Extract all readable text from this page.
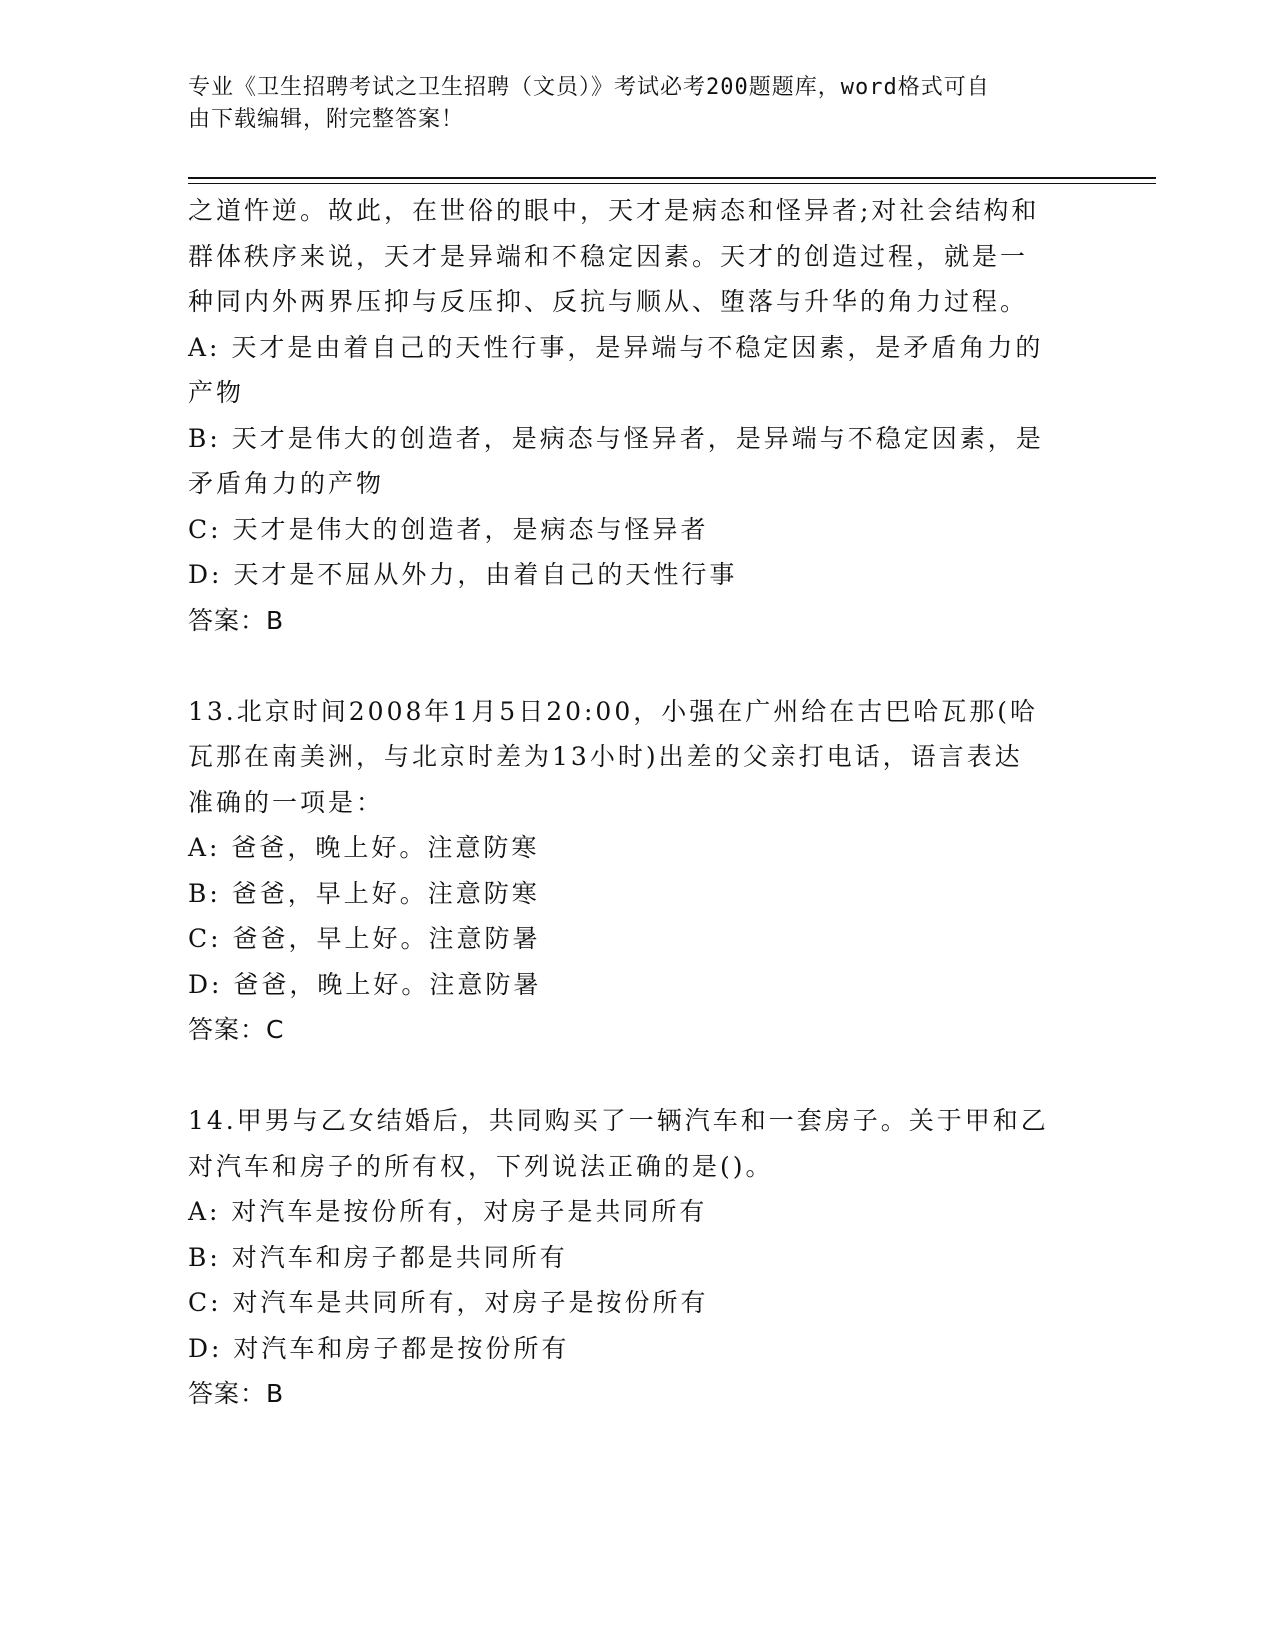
专业《卫生招聘考试之卫生招聘（文员）》考试必考200题题库，word格式可自
由下载编辑，附完整答案！
之道忤逆。故此，在世俗的眼中，天才是病态和怪异者;对社会结构和
群体秩序来说，天才是异端和不稳定因素。天才的创造过程，就是一
种同内外两界压抑与反压抑、反抗与顺从、堕落与升华的角力过程。
A: 天才是由着自己的天性行事，是异端与不稳定因素，是矛盾角力的
产物
B: 天才是伟大的创造者，是病态与怪异者，是异端与不稳定因素，是
矛盾角力的产物
C: 天才是伟大的创造者，是病态与怪异者
D: 天才是不屈从外力，由着自己的天性行事
答案：B
13.北京时间2008年1月5日20:00，小强在广州给在古巴哈瓦那(哈
瓦那在南美洲，与北京时差为13小时)出差的父亲打电话，语言表达
准确的一项是：
A: 爸爸，晚上好。注意防寒
B: 爸爸，早上好。注意防寒
C: 爸爸，早上好。注意防暑
D: 爸爸，晚上好。注意防暑
答案：C
14.甲男与乙女结婚后，共同购买了一辆汽车和一套房子。关于甲和乙
对汽车和房子的所有权，下列说法正确的是()。
A: 对汽车是按份所有，对房子是共同所有
B: 对汽车和房子都是共同所有
C: 对汽车是共同所有，对房子是按份所有
D: 对汽车和房子都是按份所有
答案：B
